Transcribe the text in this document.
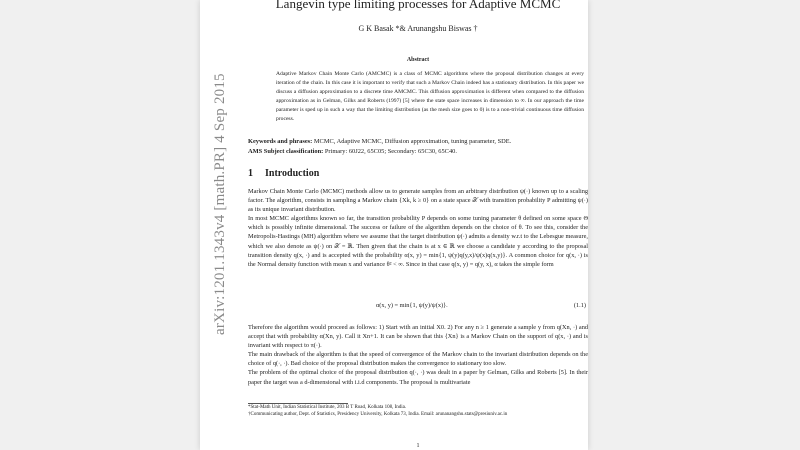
Langevin type limiting processes for Adaptive MCMC
G K Basak *& Arunangshu Biswas †
Abstract
Adaptive Markov Chain Monte Carlo (AMCMC) is a class of MCMC algorithms where the proposal distribution changes at every iteration of the chain. In this case it is important to verify that such a Markov Chain indeed has a stationary distribution. In this paper we discuss a diffusion approximation to a discrete time AMCMC. This diffusion approximation is different when compared to the diffusion approximation as in Gelman, Gilks and Roberts (1997) [5] where the state space increases in dimension to ∞. In our approach the time parameter is sped up in such a way that the limiting distribution (as the mesh size goes to 0) is to a non-trivial continuous time diffusion process.
Keywords and phrases: MCMC, Adaptive MCMC, Diffusion approximation, tuning parameter, SDE.
AMS Subject classification: Primary: 60J22, 65C05; Secondary: 65C30, 65C40.
1 Introduction

Markov Chain Monte Carlo (MCMC) methods allow us to generate samples from an arbitrary distribution ψ(·) known up to a scaling factor. The algorithm, consists in sampling a Markov chain {Xk, k ≥ 0} on a state space 𝒳 with transition probability P admitting ψ(·) as its unique invariant distribution.

In most MCMC algorithms known so far, the transition probability P depends on some tuning parameter θ defined on some space Θ which is possibly infinite dimensional. The success or failure of the algorithm depends on the choice of θ. To see this, consider the Metropolis-Hastings (MH) algorithm where we assume that the target distribution ψ(·) admits a density w.r.t to the Lebesgue measure, which we also denote as ψ(·) on 𝒳 = ℝ. Then given that the chain is at x ∈ ℝ we choose a candidate y according to the proposal transition density q(x, ·) and is accepted with the probability α(x, y) = min{1, ψ(y)q(y,x)/ψ(x)q(x,y)}. A common choice for q(x, ·) is the Normal density function with mean x and variance θ² < ∞. Since in that case q(x, y) = q(y, x), α takes the simple form

α(x, y) = min{1, ψ(y)/ψ(x)}.	(1.1)

Therefore the algorithm would proceed as follows: 1) Start with an initial X0. 2) For any n ≥ 1 generate a sample y from q(Xn, ·) and accept that with probability α(Xn, y). Call it Xn+1. It can be shown that this {Xn} is a Markov Chain on the support of q(x, ·) and is invariant with respect to π(·).

The main drawback of the algorithm is that the speed of convergence of the Markov chain to the invariant distribution depends on the choice of q(·, ·). Bad choice of the proposal distribution makes the convergence to stationary too slow.

The problem of the optimal choice of the proposal distribution q(·, ·) was dealt in a paper by Gelman, Gilks and Roberts [5]. In their paper the target was a d-dimensional with i.i.d components. The proposal is multivariate

*Stat-Math Unit, Indian Statistical Institute, 203 B T Road, Kolkata 108, India.

†Communicating author, Dept. of Statistics, Presidency University, Kolkata 73, India. Email: arunanangshu.stats@presiuniv.ac.in

1
arXiv:1201.1343v4 [math.PR] 4 Sep 2015
